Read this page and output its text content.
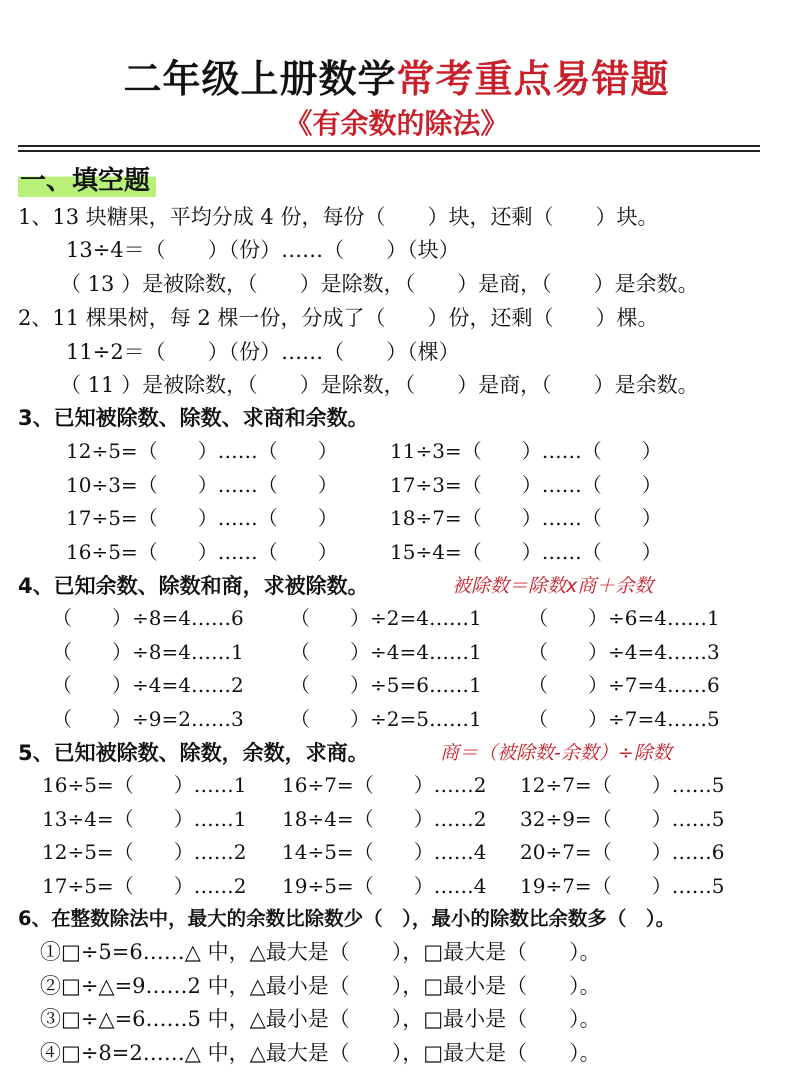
二年级上册数学常考重点易错题
《有余数的除法》
一、填空题
1、13 块糖果，平均分成 4 份，每份（　　）块，还剩（　　）块。
13÷4＝（　　）（份）……（　　）（块）
（ 13 ）是被除数，（　　）是除数，（　　）是商，（　　）是余数。
2、11 棵果树，每 2 棵一份，分成了（　　）份，还剩（　　）棵。
11÷2＝（　　）（份）……（　　）（棵）
（ 11 ）是被除数，（　　）是除数，（　　）是商，（　　）是余数。
3、已知被除数、除数、求商和余数。
12÷5=（　　）……（　　）	11÷3=（　　）……（　　）
10÷3=（　　）……（　　）	17÷3=（　　）……（　　）
17÷5=（　　）……（　　）	18÷7=（　　）……（　　）
16÷5=（　　）……（　　）	15÷4=（　　）……（　　）
4、已知余数、除数和商，求被除数。	被除数＝除数x商＋余数
（　　）÷8=4……6 （　　）÷2=4……1 （　　）÷6=4……1
（　　）÷8=4……1 （　　）÷4=4……1 （　　）÷4=4……3
（　　）÷4=4……2 （　　）÷5=6……1 （　　）÷7=4……6
（　　）÷9=2……3 （　　）÷2=5……1 （　　）÷7=4……5
5、已知被除数、除数，余数，求商。	商＝（被除数-余数）÷除数
16÷5=（　　）……1 16÷7=（　　）……2 12÷7=（　　）……5
13÷4=（　　）……1 18÷4=（　　）……2 32÷9=（　　）……5
12÷5=（　　）……2 14÷5=（　　）……4 20÷7=（　　）……6
17÷5=（　　）……2 19÷5=（　　）……4 19÷7=（　　）……5
6、在整数除法中，最大的余数比除数少（　），最小的除数比余数多（　）。
①□÷5=6……△ 中，△最大是（　　），□最大是（　　）。
②□÷△=9……2 中，△最小是（　　），□最小是（　　）。
③□÷△=6……5 中，△最小是（　　），□最小是（　　）。
④□÷8=2……△ 中，△最大是（　　），□最大是（　　）。
